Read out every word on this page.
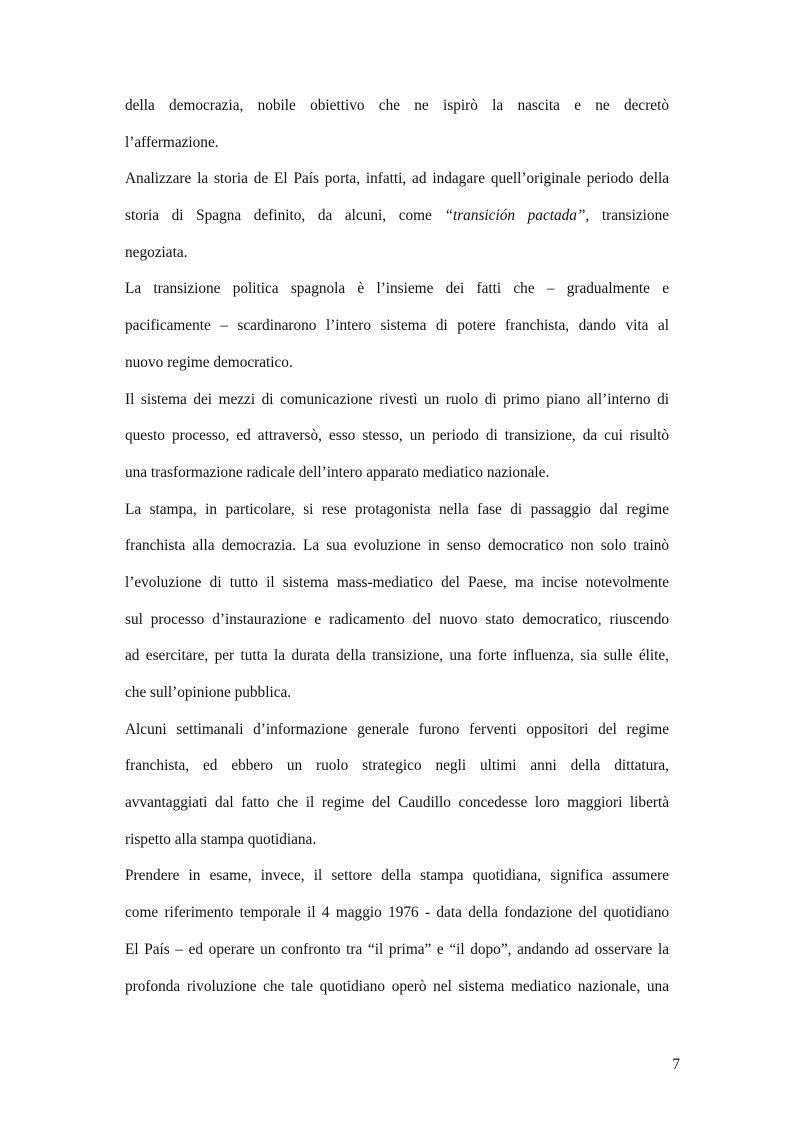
della democrazia, nobile obiettivo che ne ispirò la nascita e ne decretò
l’affermazione.
Analizzare la storia de El País porta, infatti, ad indagare quell’originale periodo della
storia di Spagna definito, da alcuni, come “transición pactada”, transizione
negoziata.
La transizione politica spagnola è l’insieme dei fatti che – gradualmente e
pacificamente – scardinarono l’intero sistema di potere franchista, dando vita al
nuovo regime democratico.
Il sistema dei mezzi di comunicazione rivestì un ruolo di primo piano all’interno di
questo processo, ed attraversò, esso stesso, un periodo di transizione, da cui risultò
una trasformazione radicale dell’intero apparato mediatico nazionale.
La stampa, in particolare, si rese protagonista nella fase di passaggio dal regime
franchista alla democrazia. La sua evoluzione in senso democratico non solo trainò
l’evoluzione di tutto il sistema mass-mediatico del Paese, ma incise notevolmente
sul processo d’instaurazione e radicamento del nuovo stato democratico, riuscendo
ad esercitare, per tutta la durata della transizione, una forte influenza, sia sulle élite,
che sull’opinione pubblica.
Alcuni settimanali d’informazione generale furono ferventi oppositori del regime
franchista, ed ebbero un ruolo strategico negli ultimi anni della dittatura,
avvantaggiati dal fatto che il regime del Caudillo concedesse loro maggiori libertà
rispetto alla stampa quotidiana.
Prendere in esame, invece, il settore della stampa quotidiana, significa assumere
come riferimento temporale il 4 maggio 1976 - data della fondazione del quotidiano
El País – ed operare un confronto tra “il prima” e “il dopo”, andando ad osservare la
profonda rivoluzione che tale quotidiano operò nel sistema mediatico nazionale, una
7
